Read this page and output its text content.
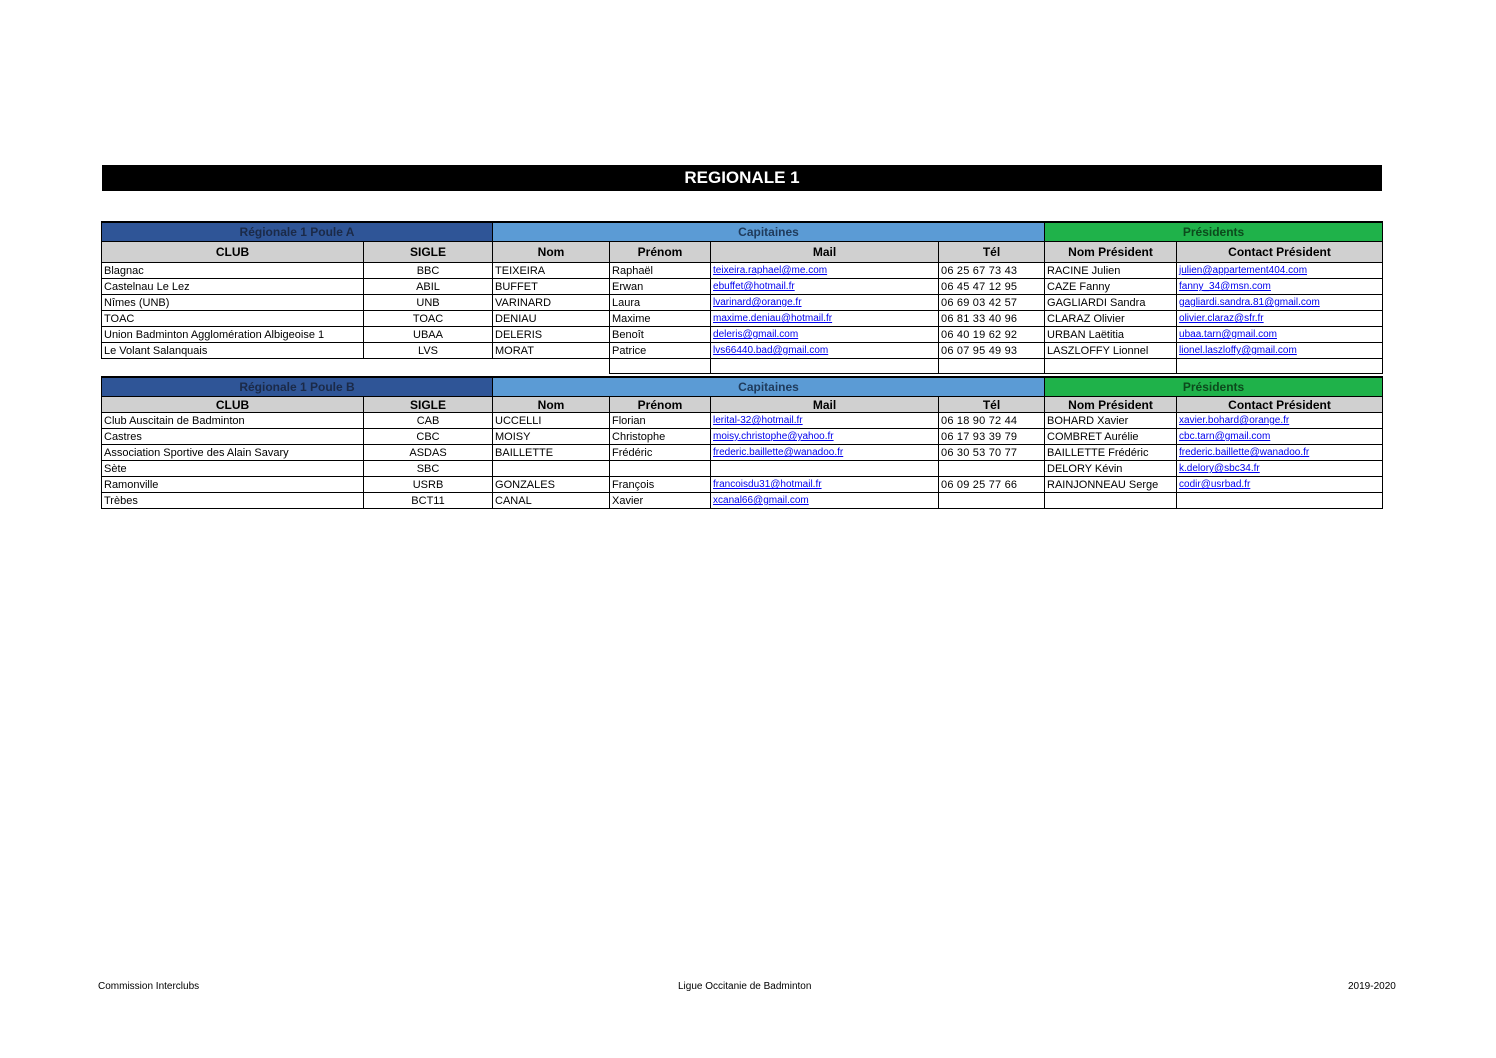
REGIONALE 1
Régionale 1 Poule A		Capitaines				Présidents	
CLUB	SIGLE	Nom	Prénom	Mail	Tél	Nom Président	Contact Président
Blagnac	BBC	TEIXEIRA	Raphaël	teixeira.raphael@me.com	06 25 67 73 43	RACINE Julien	julien@appartement404.com
Castelnau Le Lez	ABIL	BUFFET	Erwan	ebuffet@hotmail.fr	06 45 47 12 95	CAZE Fanny	fanny_34@msn.com
Nîmes (UNB)	UNB	VARINARD	Laura	lvarinard@orange.fr	06 69 03 42 57	GAGLIARDI Sandra	gagliardi.sandra.81@gmail.com
TOAC	TOAC	DENIAU	Maxime	maxime.deniau@hotmail.fr	06 81 33 40 96	CLARAZ Olivier	olivier.claraz@sfr.fr
Union Badminton Agglomération Albigeoise 1	UBAA	DELERIS	Benoît	deleris@gmail.com	06 40 19 62 92	URBAN Laëtitia	ubaa.tarn@gmail.com
Le Volant Salanquais	LVS	MORAT	Patrice	lvs66440.bad@gmail.com	06 07 95 49 93	LASZLOFFY Lionnel	lionel.laszloffy@gmail.com

Régionale 1 Poule B		Capitaines				Présidents	
CLUB	SIGLE	Nom	Prénom	Mail	Tél	Nom Président	Contact Président
Club Auscitain de Badminton	CAB	UCCELLI	Florian	lerital-32@hotmail.fr	06 18 90 72 44	BOHARD Xavier	xavier.bohard@orange.fr
Castres	CBC	MOISY	Christophe	moisy.christophe@yahoo.fr	06 17 93 39 79	COMBRET Aurélie	cbc.tarn@gmail.com
Association Sportive des Alain Savary	ASDAS	BAILLETTE	Frédéric	frederic.baillette@wanadoo.fr	06 30 53 70 77	BAILLETTE Frédéric	frederic.baillette@wanadoo.fr
Sète	SBC					DELORY Kévin	k.delory@sbc34.fr
Ramonville	USRB	GONZALES	François	francoisdu31@hotmail.fr	06 09 25 77 66	RAINJONNEAU Serge	codir@usrbad.fr
Trèbes	BCT11	CANAL	Xavier	xcanal66@gmail.com			
Commission Interclubs	Ligue Occitanie de Badminton	2019-2020
